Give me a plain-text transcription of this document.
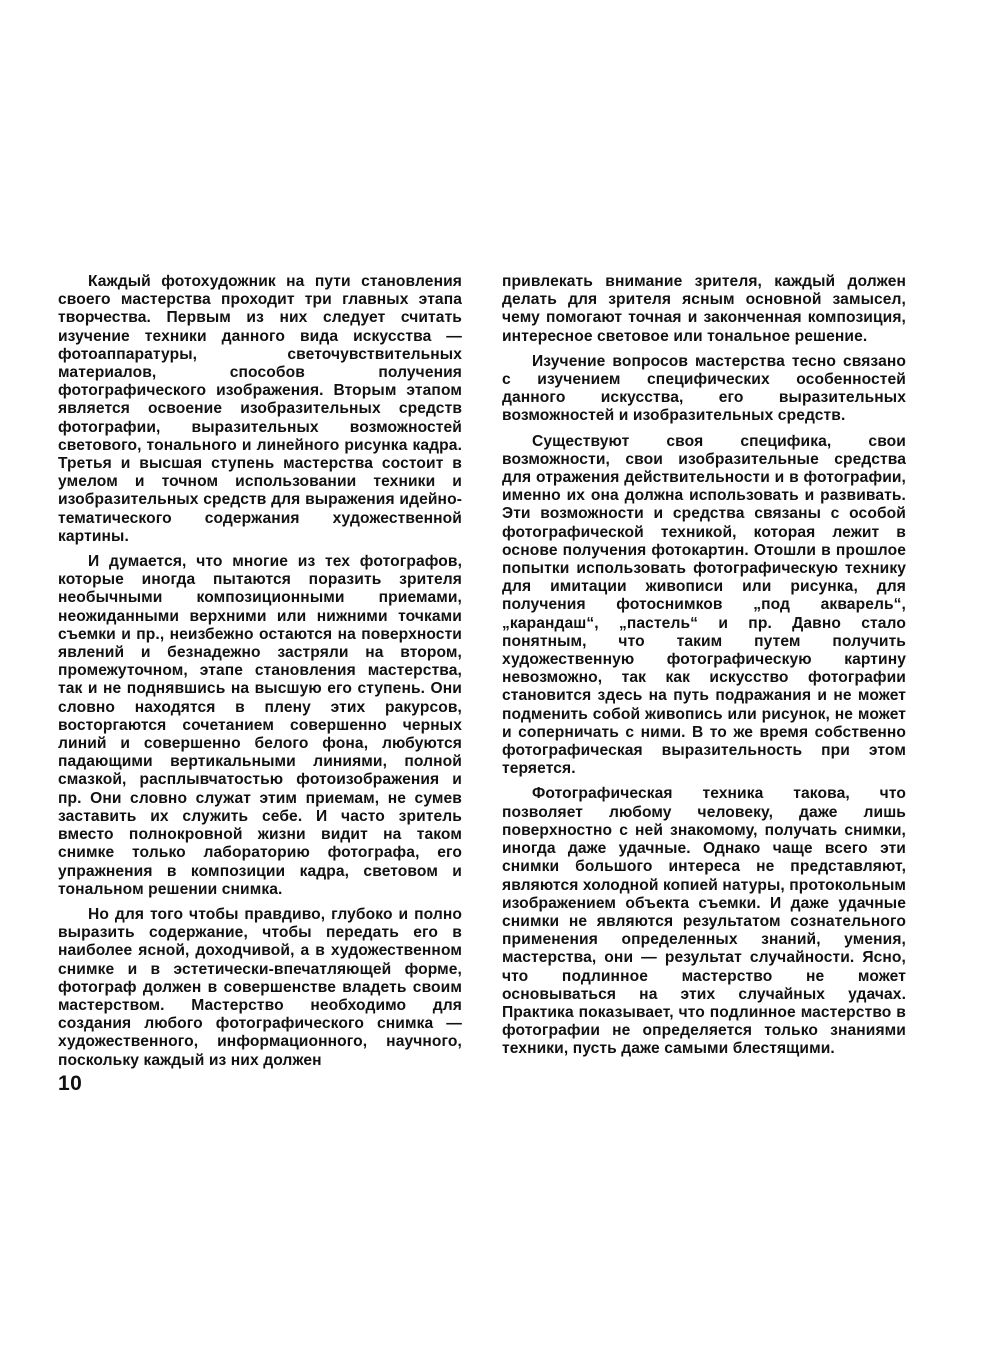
Каждый фотохудожник на пути становления своего мастерства проходит три главных этапа творчества. Первым из них следует считать изучение техники данного вида искусства — фотоаппаратуры, светочувствительных материалов, способов получения фотографического изображения. Вторым этапом является освоение изобразительных средств фотографии, выразительных возможностей светового, тонального и линейного рисунка кадра. Третья и высшая ступень мастерства состоит в умелом и точном использовании техники и изобразительных средств для выражения идейно-тематического содержания художественной картины.

И думается, что многие из тех фотографов, которые иногда пытаются поразить зрителя необычными композиционными приемами, неожиданными верхними или нижними точками съемки и пр., неизбежно остаются на поверхности явлений и безнадежно застряли на втором, промежуточном, этапе становления мастерства, так и не поднявшись на высшую его ступень. Они словно находятся в плену этих ракурсов, восторгаются сочетанием совершенно черных линий и совершенно белого фона, любуются падающими вертикальными линиями, полной смазкой, расплывчатостью фотоизображения и пр. Они словно служат этим приемам, не сумев заставить их служить себе. И часто зритель вместо полнокровной жизни видит на таком снимке только лабораторию фотографа, его упражнения в композиции кадра, световом и тональном решении снимка.

Но для того чтобы правдиво, глубоко и полно выразить содержание, чтобы передать его в наиболее ясной, доходчивой, а в художественном снимке и в эстетически-впечатляющей форме, фотограф должен в совершенстве владеть своим мастерством. Мастерство необходимо для создания любого фотографического снимка — художественного, информационного, научного, поскольку каждый из них должен

привлекать внимание зрителя, каждый должен делать для зрителя ясным основной замысел, чему помогают точная и законченная композиция, интересное световое или тональное решение.

Изучение вопросов мастерства тесно связано с изучением специфических особенностей данного искусства, его выразительных возможностей и изобразительных средств.

Существуют своя специфика, свои возможности, свои изобразительные средства для отражения действительности и в фотографии, именно их она должна использовать и развивать. Эти возможности и средства связаны с особой фотографической техникой, которая лежит в основе получения фотокартин. Отошли в прошлое попытки использовать фотографическую технику для имитации живописи или рисунка, для получения фотоснимков „под акварель“, „карандаш“, „пастель“ и пр. Давно стало понятным, что таким путем получить художественную фотографическую картину невозможно, так как искусство фотографии становится здесь на путь подражания и не может подменить собой живопись или рисунок, не может и соперничать с ними. В то же время собственно фотографическая выразительность при этом теряется.

Фотографическая техника такова, что позволяет любому человеку, даже лишь поверхностно с ней знакомому, получать снимки, иногда даже удачные. Однако чаще всего эти снимки большого интереса не представляют, являются холодной копией натуры, протокольным изображением объекта съемки. И даже удачные снимки не являются результатом сознательного применения определенных знаний, умения, мастерства, они — результат случайности. Ясно, что подлинное мастерство не может основываться на этих случайных удачах. Практика показывает, что подлинное мастерство в фотографии не определяется только знаниями техники, пусть даже самыми блестящими.

10
